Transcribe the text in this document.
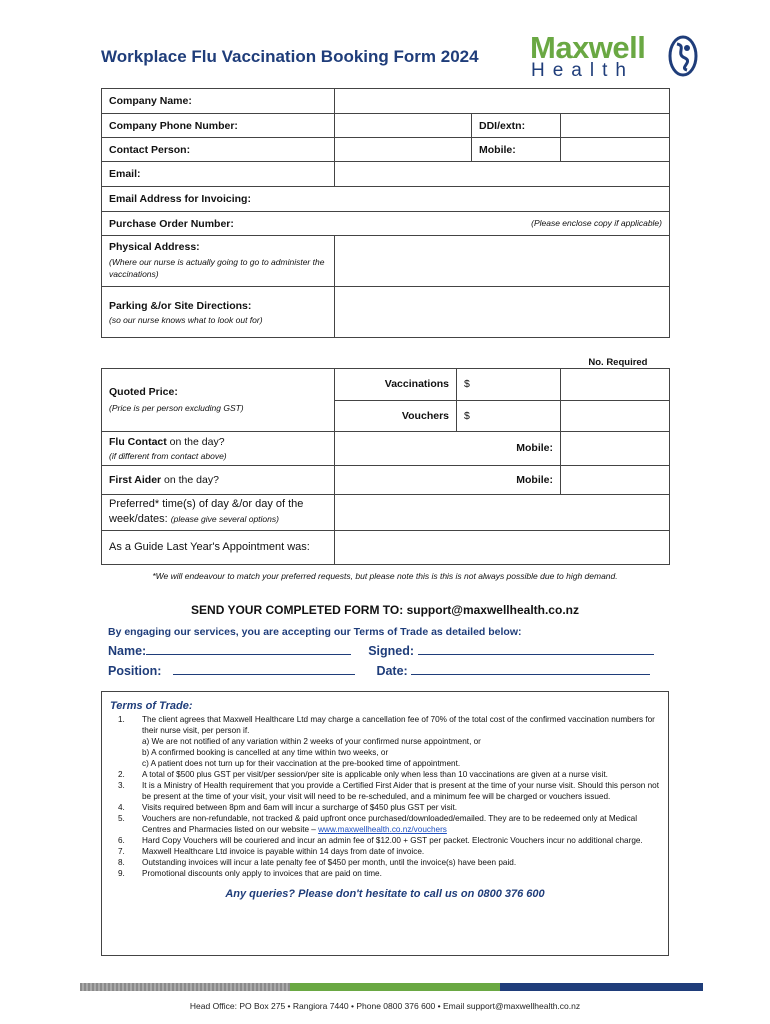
Workplace Flu Vaccination Booking Form 2024 Maxwell
Health
Company Name:			
Company Phone Number:		DDI/extn:	
Contact Person:		Mobile:	
Email:			
Email Address for Invoicing:			
Purchase Order Number: (Please enclose copy if applicable)			

Physical Address:
(Where our nurse is actually going to go to administer the vaccinations)			

Parking &/or Site Directions:
(so our nurse knows what to look out for)			

			No. Required

Quoted Price:
(Price is per person excluding GST)	Vaccinations	$	
	Vouchers	$	

Flu Contact on the day?
(if different from contact above)	Mobile:		
First Aider on the day?	Mobile:		
Preferred* time(s) of day &/or day of the week/dates: (please give several options)			
As a Guide Last Year's Appointment was:			
*We will endeavour to match your preferred requests, but please note this is this is not always possible due to high demand.
SEND YOUR COMPLETED FORM TO: support@maxwellhealth.co.nz
By engaging our services, you are accepting our Terms of Trade as detailed below:
Name:	Signed:
Position:	Date:
Terms of Trade:
1.	The client agrees that Maxwell Healthcare Ltd may charge a cancellation fee of 70% of the total cost of the confirmed vaccination numbers for their nurse visit, per person if.
a) We are not notified of any variation within 2 weeks of your confirmed nurse appointment, or
b) A confirmed booking is cancelled at any time within two weeks, or
c) A patient does not turn up for their vaccination at the pre-booked time of appointment.
2.	A total of $500 plus GST per visit/per session/per site is applicable only when less than 10 vaccinations are given at a nurse visit.
3.	It is a Ministry of Health requirement that you provide a Certified First Aider that is present at the time of your nurse visit. Should this person not be present at the time of your visit, your visit will need to be re-scheduled, and a minimum fee will be charged or vouchers issued.
4.	Visits required between 8pm and 6am will incur a surcharge of $450 plus GST per visit.
5.	Vouchers are non-refundable, not tracked & paid upfront once purchased/downloaded/emailed. They are to be redeemed only at Medical Centres and Pharmacies listed on our website – www.maxwellhealth.co.nz/vouchers
6.	Hard Copy Vouchers will be couriered and incur an admin fee of $12.00 + GST per packet. Electronic Vouchers incur no additional charge.
7.	Maxwell Healthcare Ltd invoice is payable within 14 days from date of invoice.
8.	Outstanding invoices will incur a late penalty fee of $450 per month, until the invoice(s) have been paid.
9.	Promotional discounts only apply to invoices that are paid on time.
Any queries? Please don't hesitate to call us on 0800 376 600
Head Office: PO Box 275 • Rangiora 7440 • Phone 0800 376 600 • Email support@maxwellhealth.co.nz
